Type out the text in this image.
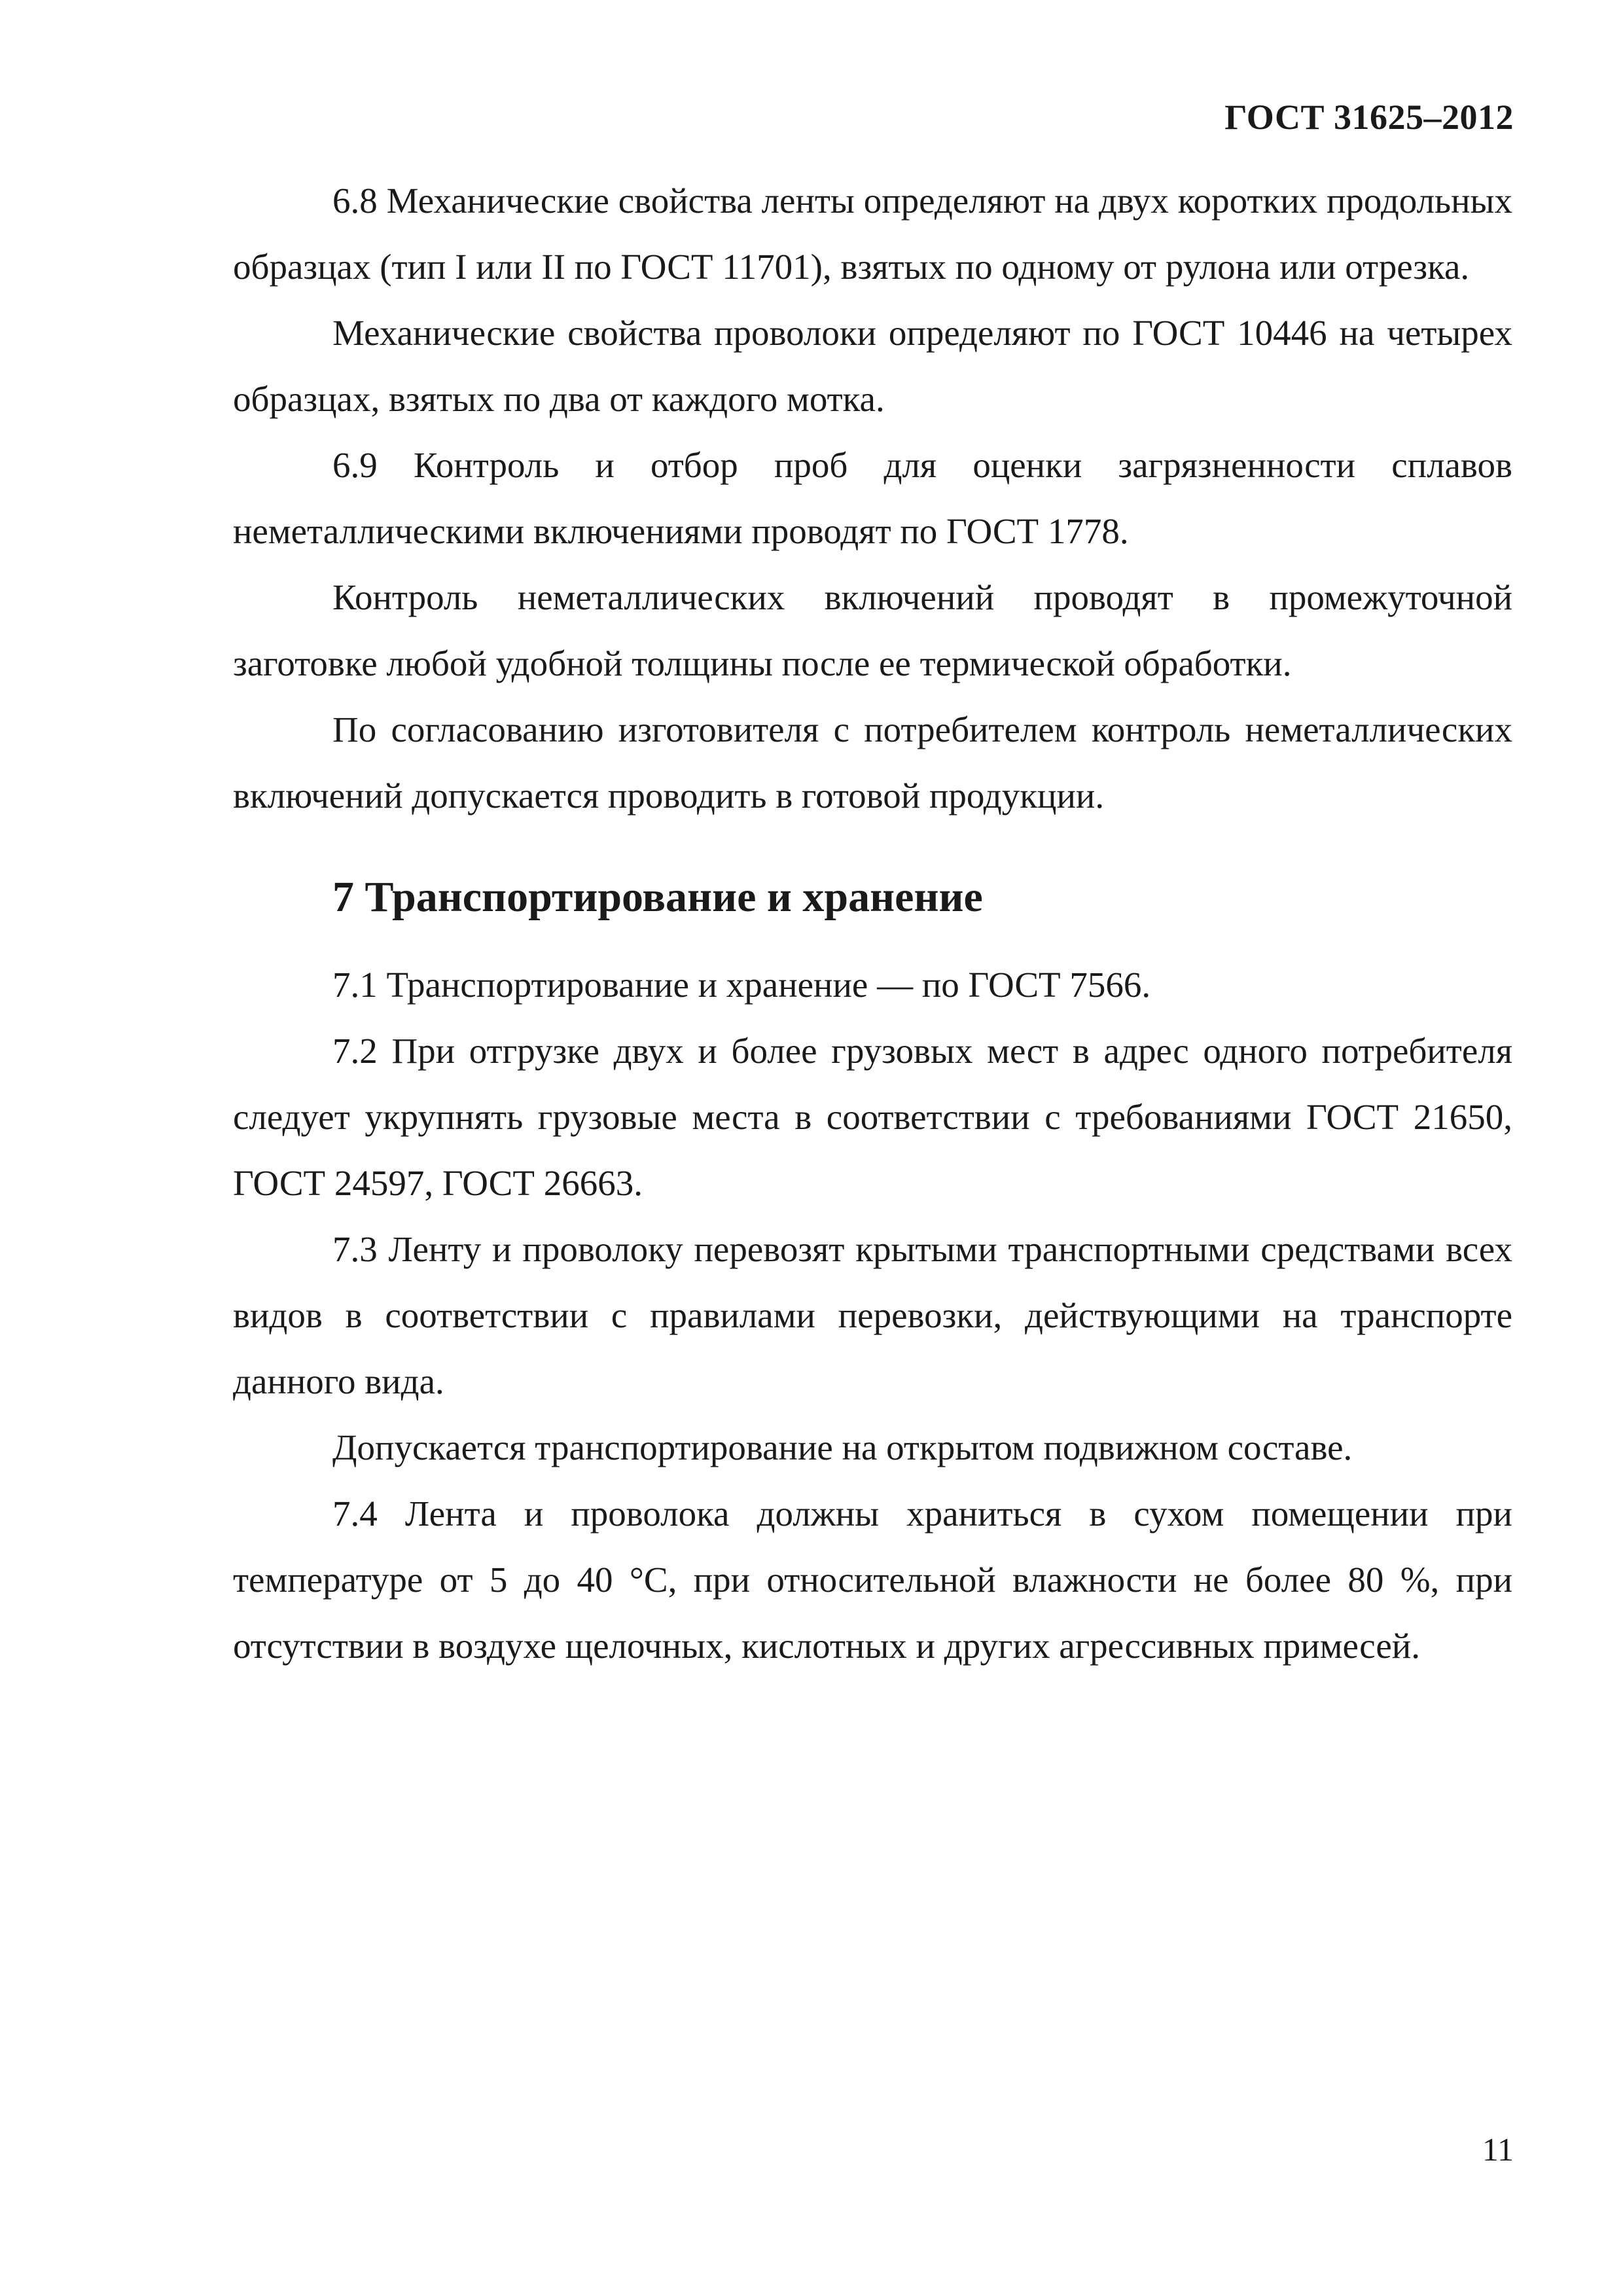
ГОСТ 31625–2012

6.8 Механические свойства ленты определяют на двух коротких продольных образцах (тип I или II по ГОСТ 11701), взятых по одному от рулона или отрезка.

Механические свойства проволоки определяют по ГОСТ 10446 на четырех образцах, взятых по два от каждого мотка.

6.9 Контроль и отбор проб для оценки загрязненности сплавов неметаллическими включениями проводят по ГОСТ 1778.

Контроль неметаллических включений проводят в промежуточной заготовке любой удобной толщины после ее термической обработки.

По согласованию изготовителя с потребителем контроль неметаллических включений допускается проводить в готовой продукции.

7 Транспортирование и хранение

7.1 Транспортирование и хранение — по ГОСТ 7566.

7.2 При отгрузке двух и более грузовых мест в адрес одного потребителя следует укрупнять грузовые места в соответствии с требованиями ГОСТ 21650, ГОСТ 24597, ГОСТ 26663.

7.3 Ленту и проволоку перевозят крытыми транспортными средствами всех видов в соответствии с правилами перевозки, действующими на транспорте данного вида.

Допускается транспортирование на открытом подвижном составе.

7.4 Лента и проволока должны храниться в сухом помещении при температуре от 5 до 40 °С, при относительной влажности не более 80 %, при отсутствии в воздухе щелочных, кислотных и других агрессивных примесей.

11
